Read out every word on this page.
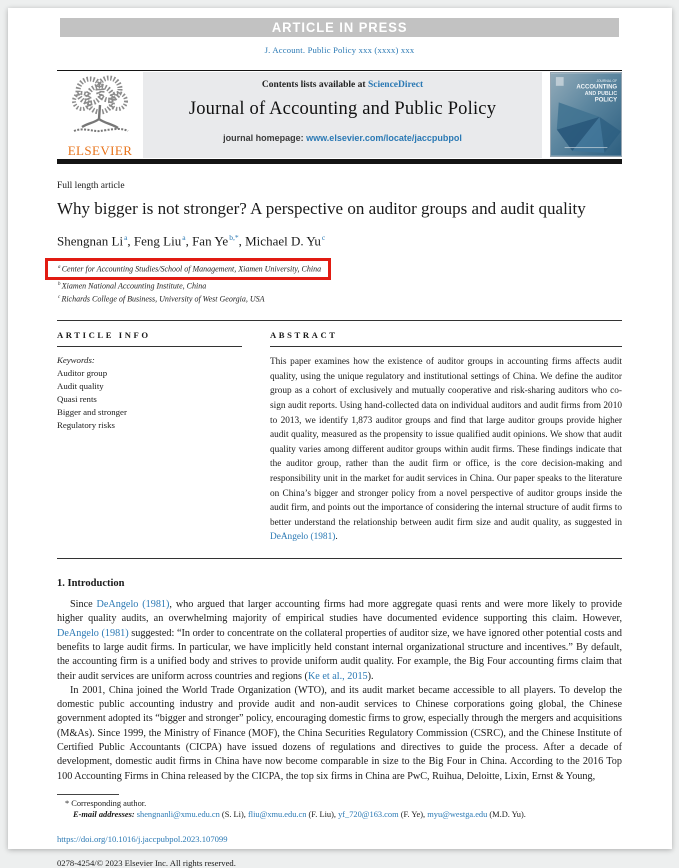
ARTICLE IN PRESS
J. Account. Public Policy xxx (xxxx) xxx
ELSEVIER
Contents lists available at ScienceDirect
Journal of Accounting and Public Policy
journal homepage: www.elsevier.com/locate/jaccpubpol
JOURNAL OF
ACCOUNTING
AND PUBLIC
POLICY
Full length article
Why bigger is not stronger? A perspective on auditor groups and audit quality
Shengnan Li$^a$, Feng Liu$^a$, Fan $Ye^{b,*}$, Michael D. Yu$^c$
$^a$ Center for Accounting Studies/School of Management, Xiamen University, China
$^b$ Xiamen National Accounting Institute, China
$^c$ Richards College of Business, University of West Georgia, USA
ARTICLE INFO
Keywords:
Auditor group
Audit quality
Quasi rents
Bigger and stronger
Regulatory risks
ABSTRACT
This paper examines how the existence of auditor groups in accounting firms affects audit quality, using the unique regulatory and institutional settings of China. We define the auditor group as a cohort of exclusively and mutually cooperative and risk-sharing auditors who co-sign audit reports. Using hand-collected data on individual auditors and audit firms from 2010 to 2013, we identify 1,873 auditor groups and find that large auditor groups provide higher audit quality, measured as the propensity to issue qualified audit opinions. We show that audit quality varies among different auditor groups within audit firms. These findings indicate that the auditor group, rather than the audit firm or office, is the core decision-making and responsibility unit in the market for audit services in China. Our paper speaks to the literature on China’s bigger and stronger policy from a novel perspective of auditor groups inside the audit firm, and points out the importance of considering the internal structure of audit firms to better understand the relationship between audit firm size and audit quality, as suggested in DeAngelo (1981).
1. Introduction
Since DeAngelo (1981), who argued that larger accounting firms had more aggregate quasi rents and were more likely to provide higher quality audits, an overwhelming majority of empirical studies have documented evidence supporting this claim. However, DeAngelo (1981) suggested: “In order to concentrate on the collateral properties of auditor size, we have ignored other potential costs and benefits to large audit firms. In particular, we have implicitly held constant internal organizational structure and incentives.” By default, the accounting firm is a unified body and strives to provide uniform audit quality. For example, the Big Four accounting firms claim that their audit services are uniform across countries and regions (Ke et al., 2015).
In 2001, China joined the World Trade Organization (WTO), and its audit market became accessible to all players. To develop the domestic public accounting industry and provide audit and non-audit services to Chinese corporations going global, the Chinese government adopted its “bigger and stronger” policy, encouraging domestic firms to grow, especially through the mergers and acquisitions (M&As). Since 1999, the Ministry of Finance (MOF), the China Securities Regulatory Commission (CSRC), and the Chinese Institute of Certified Public Accountants (CICPA) have issued dozens of regulations and directives to guide the process. After a decade of development, domestic audit firms in China have now become comparable in size to the Big Four in China. According to the 2016 Top 100 Accounting Firms in China released by the CICPA, the top six firms in China are PwC, Ruihua, Deloitte, Lixin, Ernst & Young,
* Corresponding author.
E-mail addresses: shengnanli@xmu.edu.cn (S. Li), fliu@xmu.edu.cn (F. Liu), yf_720@163.com (F. Ye), myu@westga.edu (M.D. Yu).
https://doi.org/10.1016/j.jaccpubpol.2023.107099
0278-4254/© 2023 Elsevier Inc. All rights reserved.
